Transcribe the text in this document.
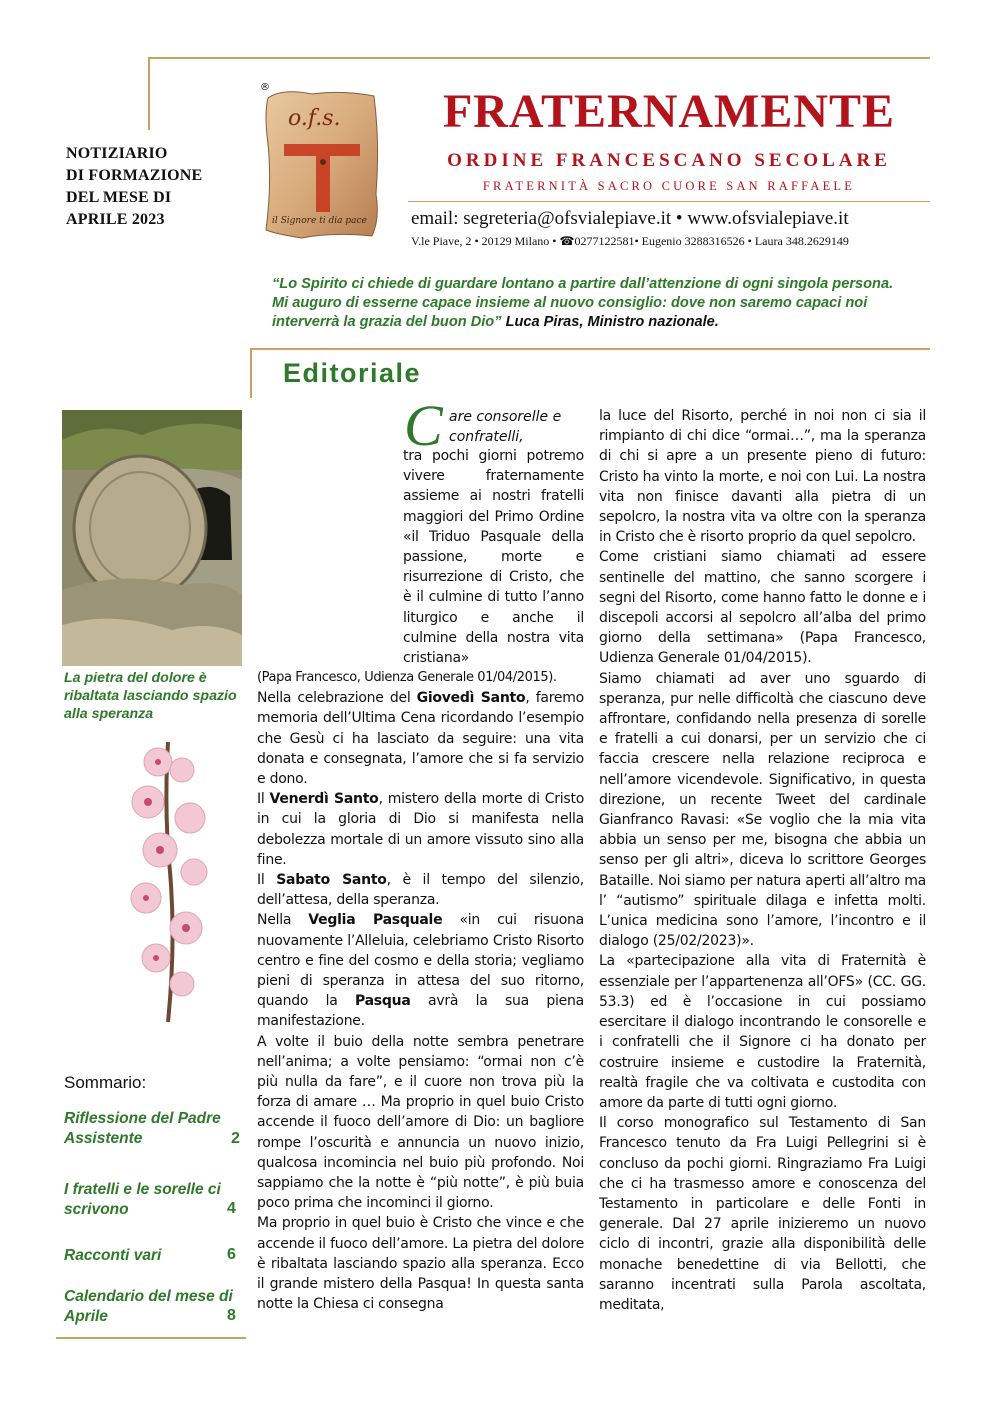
NOTIZIARIO
DI FORMAZIONE
DEL MESE DI
APRILE 2023
®
o.f.s.
il Signore ti dia pace
FRATERNAMENTE
ORDINE FRANCESCANO SECOLARE
FRATERNITÀ SACRO CUORE SAN RAFFAELE
email: segreteria@ofsvialepiave.it • www.ofsvialepiave.it
V.le Piave, 2 • 20129 Milano • ☎0277122581• Eugenio 3288316526 • Laura 348.2629149
“Lo Spirito ci chiede di guardare lontano a partire dall’attenzione di ogni singola persona.
Mi auguro di esserne capace insieme al nuovo consiglio: dove non saremo capaci noi
interverrà la grazia del buon Dio” Luca Piras, Ministro nazionale.
Editoriale
La pietra del dolore è ribaltata lasciando spazio alla speranza
Sommario:
Riflessione del Padre Assistente	2
I fratelli e le sorelle ci scrivono	4
Racconti vari	6
Calendario del mese di Aprile	8
C are consorelle e confratelli,

tra pochi giorni potremo vivere fraternamente assieme ai nostri fratelli maggiori del Primo Ordine «il Triduo Pasquale della passione, morte e risurrezione di Cristo, che è il culmine di tutto l’anno liturgico e anche il culmine della nostra vita cristiana»

(Papa Francesco, Udienza Generale 01/04/2015).

Nella celebrazione del Giovedì Santo, faremo memoria dell’Ultima Cena ricordando l’esempio che Gesù ci ha lasciato da seguire: una vita donata e consegnata, l’amore che si fa servizio e dono.

Il Venerdì Santo, mistero della morte di Cristo in cui la gloria di Dio si manifesta nella debolezza mortale di un amore vissuto sino alla fine.

Il Sabato Santo, è il tempo del silenzio, dell’attesa, della speranza.

Nella Veglia Pasquale «in cui risuona nuovamente l’Alleluia, celebriamo Cristo Risorto centro e fine del cosmo e della storia; vegliamo pieni di speranza in attesa del suo ritorno, quando la Pasqua avrà la sua piena manifestazione.

A volte il buio della notte sembra penetrare nell’anima; a volte pensiamo: “ormai non c’è più nulla da fare”, e il cuore non trova più la forza di amare … Ma proprio in quel buio Cristo accende il fuoco dell’amore di Dio: un bagliore rompe l’oscurità e annuncia un nuovo inizio, qualcosa incomincia nel buio più profondo. Noi sappiamo che la notte è “più notte”, è più buia poco prima che incominci il giorno.

Ma proprio in quel buio è Cristo che vince e che accende il fuoco dell’amore. La pietra del dolore è ribaltata lasciando spazio alla speranza. Ecco il grande mistero della Pasqua! In questa santa notte la Chiesa ci consegna

la luce del Risorto, perché in noi non ci sia il rimpianto di chi dice “ormai…”, ma la speranza di chi si apre a un presente pieno di futuro: Cristo ha vinto la morte, e noi con Lui. La nostra vita non finisce davanti alla pietra di un sepolcro, la nostra vita va oltre con la speranza in Cristo che è risorto proprio da quel sepolcro.

Come cristiani siamo chiamati ad essere sentinelle del mattino, che sanno scorgere i segni del Risorto, come hanno fatto le donne e i discepoli accorsi al sepolcro all’alba del primo giorno della settimana» (Papa Francesco, Udienza Generale 01/04/2015).

Siamo chiamati ad aver uno sguardo di speranza, pur nelle difficoltà che ciascuno deve affrontare, confidando nella presenza di sorelle e fratelli a cui donarsi, per un servizio che ci faccia crescere nella relazione reciproca e nell’amore vicendevole. Significativo, in questa direzione, un recente Tweet del cardinale Gianfranco Ravasi: «Se voglio che la mia vita abbia un senso per me, bisogna che abbia un senso per gli altri», diceva lo scrittore Georges Bataille. Noi siamo per natura aperti all’altro ma l’ “autismo” spirituale dilaga e infetta molti. L’unica medicina sono l’amore, l’incontro e il dialogo (25/02/2023)».

La «partecipazione alla vita di Fraternità è essenziale per l’appartenenza all’OFS» (CC. GG. 53.3) ed è l’occasione in cui possiamo esercitare il dialogo incontrando le consorelle e i confratelli che il Signore ci ha donato per costruire insieme e custodire la Fraternità, realtà fragile che va coltivata e custodita con amore da parte di tutti ogni giorno.

Il corso monografico sul Testamento di San Francesco tenuto da Fra Luigi Pellegrini si è concluso da pochi giorni. Ringraziamo Fra Luigi che ci ha trasmesso amore e conoscenza del Testamento in particolare e delle Fonti in generale. Dal 27 aprile inizieremo un nuovo ciclo di incontri, grazie alla disponibilità delle monache benedettine di via Bellotti, che saranno incentrati sulla Parola ascoltata, meditata,
